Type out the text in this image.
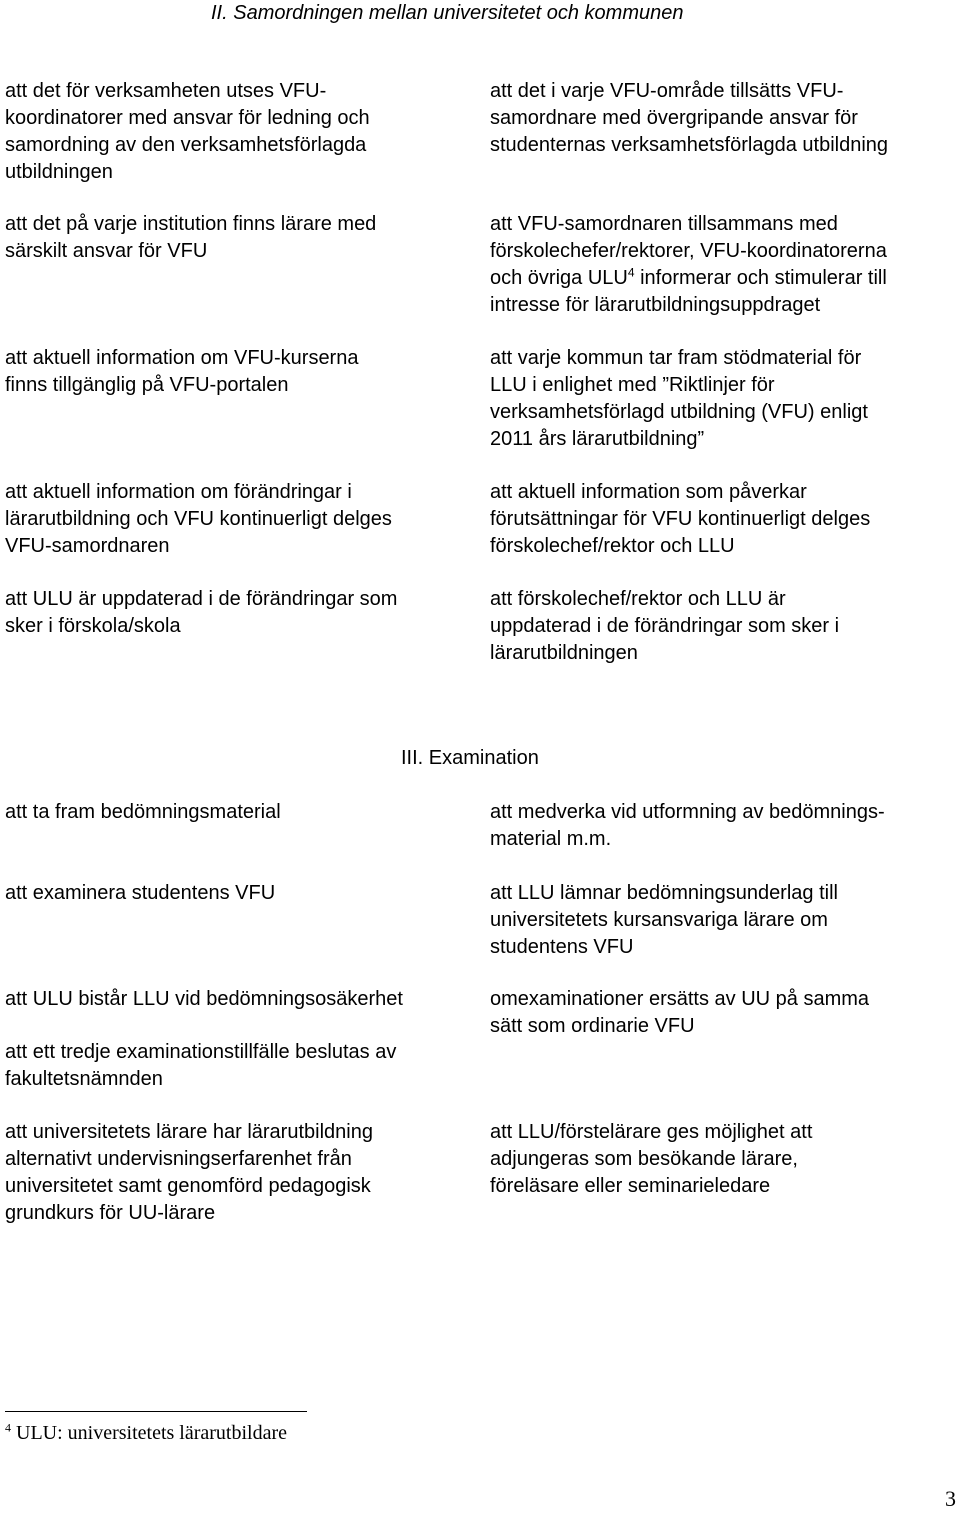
II. Samordningen mellan universitetet och kommunen

att det för verksamheten utses VFU-
koordinatorer med ansvar för ledning och
samordning av den verksamhetsförlagda
utbildningen

att det på varje institution finns lärare med
särskilt ansvar för VFU

att aktuell information om VFU-kurserna
finns tillgänglig på VFU-portalen

att aktuell information om förändringar i
lärarutbildning och VFU kontinuerligt delges
VFU-samordnaren

att ULU är uppdaterad i de förändringar som
sker i förskola/skola

att det i varje VFU-område tillsätts VFU-
samordnare med övergripande ansvar för
studenternas verksamhetsförlagda utbildning

att VFU-samordnaren tillsammans med
förskolechefer/rektorer, VFU-koordinatorerna
och övriga ULU$^4$ informerar och stimulerar till
intresse för lärarutbildningsuppdraget

att varje kommun tar fram stödmaterial för
LLU i enlighet med ”Riktlinjer för
verksamhetsförlagd utbildning (VFU) enligt
2011 års lärarutbildning”

att aktuell information som påverkar
förutsättningar för VFU kontinuerligt delges
förskolechef/rektor och LLU

att förskolechef/rektor och LLU är
uppdaterad i de förändringar som sker i
lärarutbildningen

III. Examination

att ta fram bedömningsmaterial

att examinera studentens VFU

att ULU bistår LLU vid bedömningsosäkerhet

att ett tredje examinationstillfälle beslutas av
fakultetsnämnden

att universitetets lärare har lärarutbildning
alternativt undervisningserfarenhet från
universitetet samt genomförd pedagogisk
grundkurs för UU-lärare

att medverka vid utformning av bedömnings-
material m.m.

att LLU lämnar bedömningsunderlag till
universitetets kursansvariga lärare om
studentens VFU

omexaminationer ersätts av UU på samma
sätt som ordinarie VFU

att LLU/förstelärare ges möjlighet att
adjungeras som besökande lärare,
föreläsare eller seminarieledare

$^4$ ULU: universitetets lärarutbildare
3
